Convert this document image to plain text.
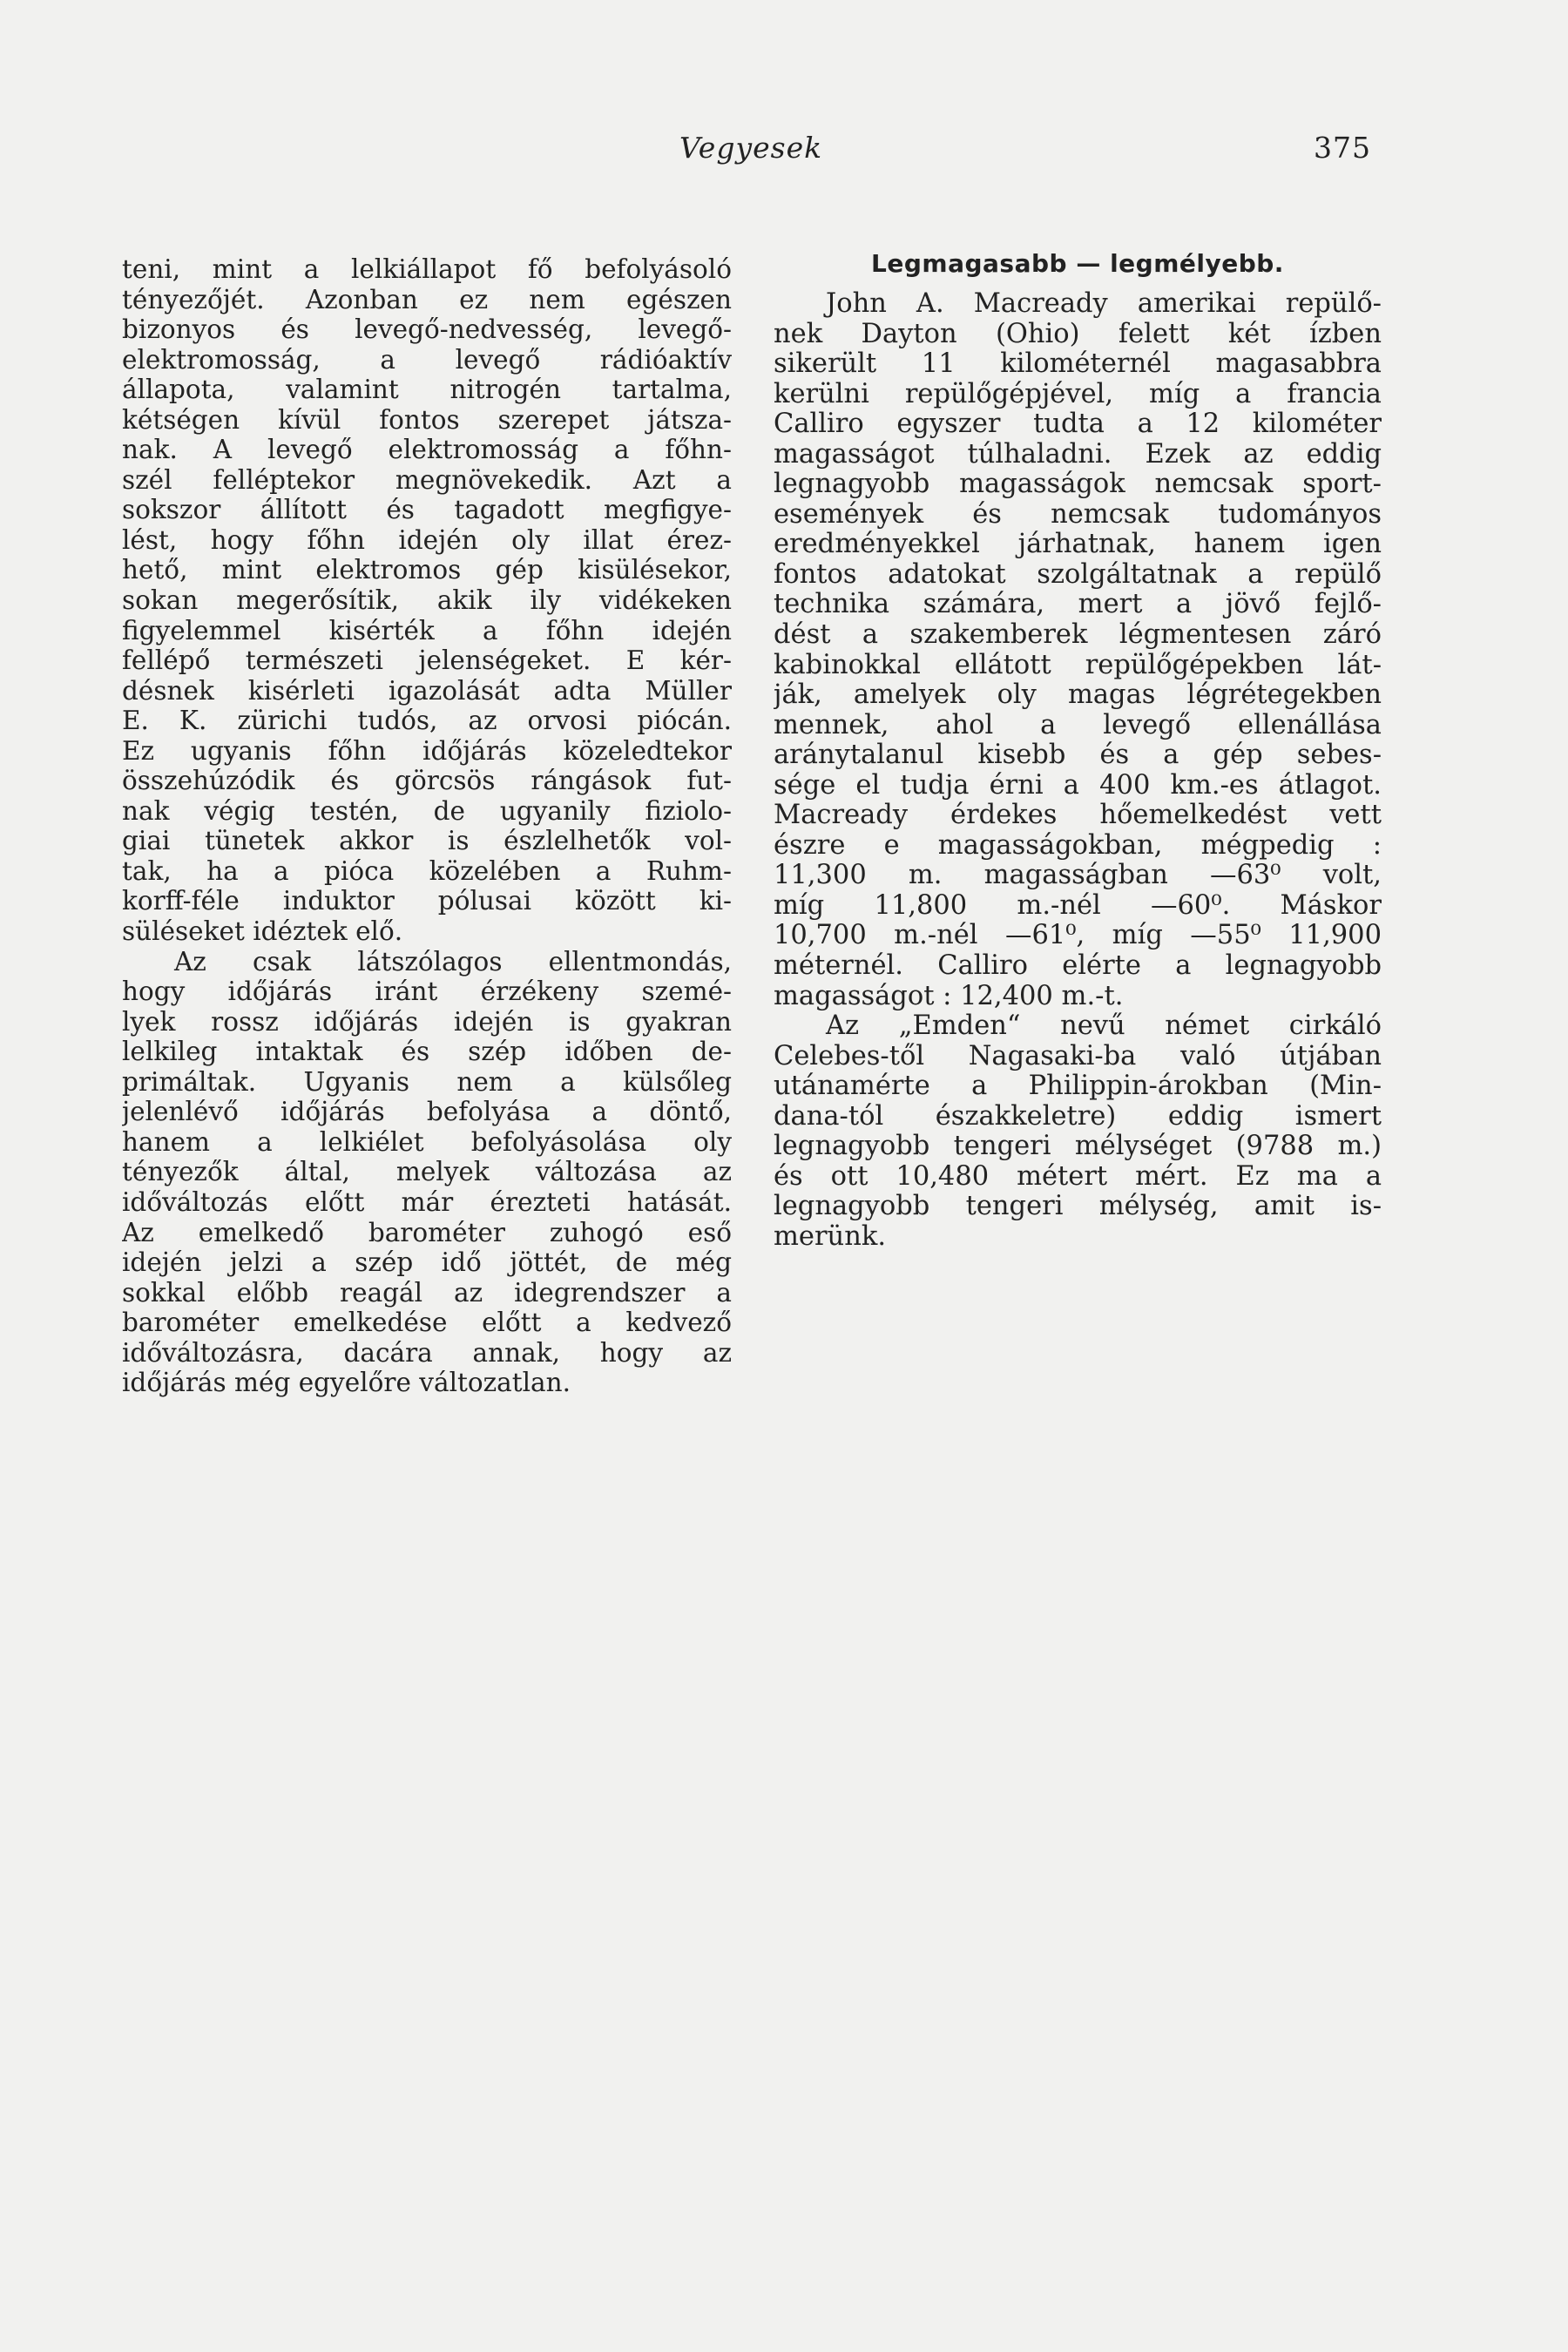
Vegyesek	375
teni, mint a lelkiállapot fő befolyásoló
tényezőjét. Azonban ez nem egészen
bizonyos és levegő-nedvesség, levegő-
elektromosság, a levegő rádióaktív
állapota, valamint nitrogén tartalma,
kétségen kívül fontos szerepet játsza-
nak. A levegő elektromosság a főhn-
szél felléptekor megnövekedik. Azt a
sokszor állított és tagadott megfigye-
lést, hogy főhn idején oly illat érez-
hető, mint elektromos gép kisülésekor,
sokan megerősítik, akik ily vidékeken
figyelemmel kisérték a főhn idején
fellépő természeti jelenségeket. E kér-
désnek kisérleti igazolását adta Müller
E. K. zürichi tudós, az orvosi piócán.
Ez ugyanis főhn időjárás közeledtekor
összehúzódik és görcsös rángások fut-
nak végig testén, de ugyanily fiziolo-
giai tünetek akkor is észlelhetők vol-
tak, ha a pióca közelében a Ruhm-
korff-féle induktor pólusai között ki-
süléseket idéztek elő.
Az csak látszólagos ellentmondás,
hogy időjárás iránt érzékeny szemé-
lyek rossz időjárás idején is gyakran
lelkileg intaktak és szép időben de-
primáltak. Ugyanis nem a külsőleg
jelenlévő időjárás befolyása a döntő,
hanem a lelkiélet befolyásolása oly
tényezők által, melyek változása az
időváltozás előtt már érezteti hatását.
Az emelkedő barométer zuhogó eső
idején jelzi a szép idő jöttét, de még
sokkal előbb reagál az idegrendszer a
barométer emelkedése előtt a kedvező
időváltozásra, dacára annak, hogy az
időjárás még egyelőre változatlan.
Legmagasabb — legmélyebb.
John A. Macready amerikai repülő-
nek Dayton (Ohio) felett két ízben
sikerült 11 kilométernél magasabbra
kerülni repülőgépjével, míg a francia
Calliro egyszer tudta a 12 kilométer
magasságot túlhaladni. Ezek az eddig
legnagyobb magasságok nemcsak sport-
események és nemcsak tudományos
eredményekkel járhatnak, hanem igen
fontos adatokat szolgáltatnak a repülő
technika számára, mert a jövő fejlő-
dést a szakemberek légmentesen záró
kabinokkal ellátott repülőgépekben lát-
ják, amelyek oly magas légrétegekben
mennek, ahol a levegő ellenállása
aránytalanul kisebb és a gép sebes-
sége el tudja érni a 400 km.-es átlagot.
Macready érdekes hőemelkedést vett
észre e magasságokban, mégpedig :
11,300 m. magasságban —63⁰ volt,
míg 11,800 m.-nél —60⁰. Máskor
10,700 m.-nél —61⁰, míg —55⁰ 11,900
méternél. Calliro elérte a legnagyobb
magasságot : 12,400 m.-t.
Az „Emden“ nevű német cirkáló
Celebes-től Nagasaki-ba való útjában
utánamérte a Philippin-árokban (Min-
dana-tól északkeletre) eddig ismert
legnagyobb tengeri mélységet (9788 m.)
és ott 10,480 métert mért. Ez ma a
legnagyobb tengeri mélység, amit is-
merünk.
